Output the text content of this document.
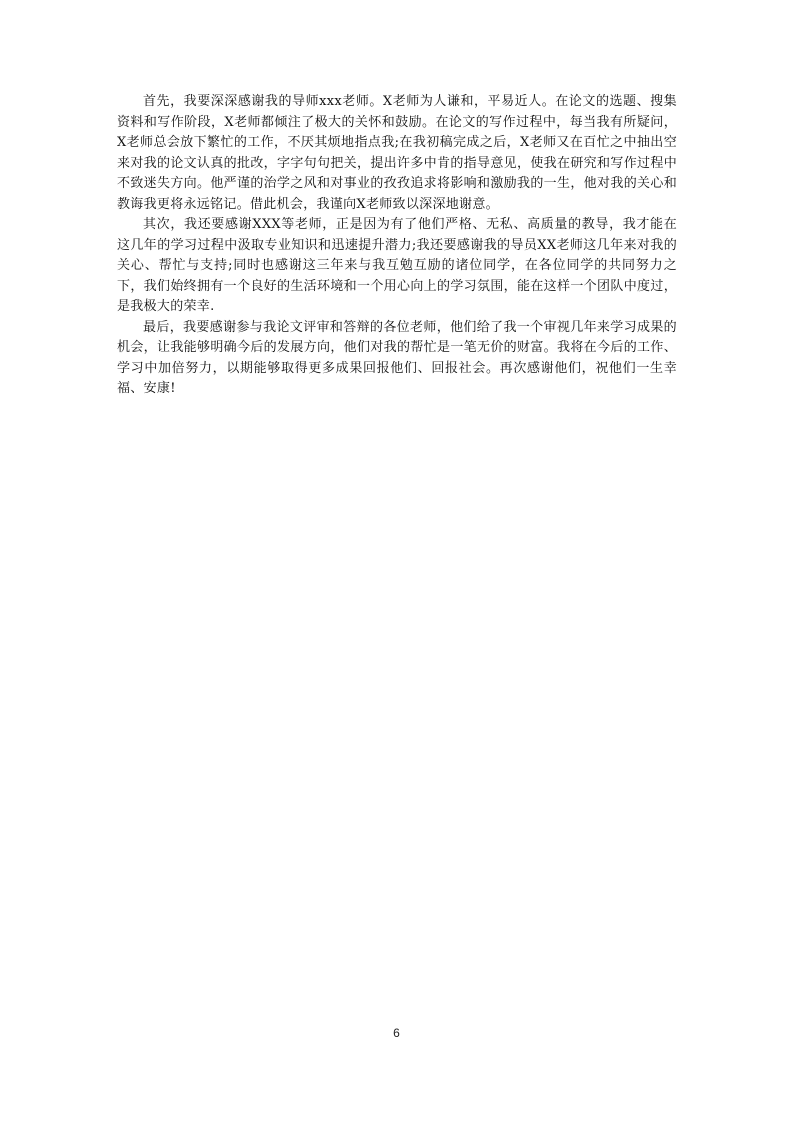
首先，我要深深感谢我的导师xxx老师。X老师为人谦和，平易近人。在论文的选题、搜集资料和写作阶段，X老师都倾注了极大的关怀和鼓励。在论文的写作过程中，每当我有所疑问，X老师总会放下繁忙的工作，不厌其烦地指点我;在我初稿完成之后，X老师又在百忙之中抽出空来对我的论文认真的批改，字字句句把关，提出许多中肯的指导意见，使我在研究和写作过程中不致迷失方向。他严谨的治学之风和对事业的孜孜追求将影响和激励我的一生，他对我的关心和教诲我更将永远铭记。借此机会，我谨向X老师致以深深地谢意。

其次，我还要感谢XXX等老师，正是因为有了他们严格、无私、高质量的教导，我才能在这几年的学习过程中汲取专业知识和迅速提升潜力;我还要感谢我的导员XX老师这几年来对我的关心、帮忙与支持;同时也感谢这三年来与我互勉互励的诸位同学，在各位同学的共同努力之下，我们始终拥有一个良好的生活环境和一个用心向上的学习氛围，能在这样一个团队中度过，是我极大的荣幸.

最后，我要感谢参与我论文评审和答辩的各位老师，他们给了我一个审视几年来学习成果的机会，让我能够明确今后的发展方向，他们对我的帮忙是一笔无价的财富。我将在今后的工作、学习中加倍努力，以期能够取得更多成果回报他们、回报社会。再次感谢他们，祝他们一生幸福、安康!

6
